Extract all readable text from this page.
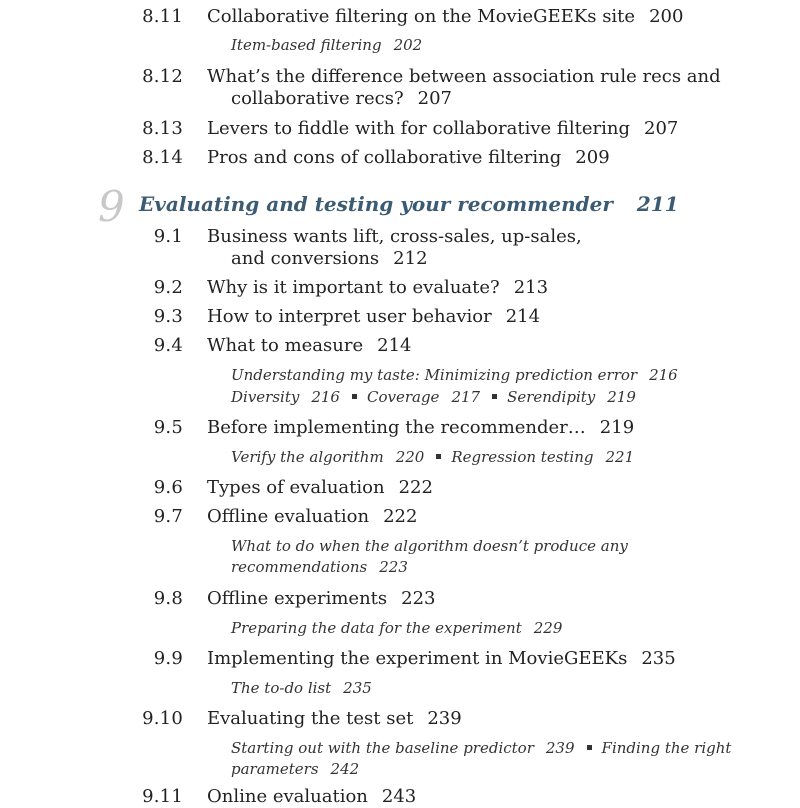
8.11 Collaborative filtering on the MovieGEEKs site 200
Item-based filtering 202
8.12 What’s the difference between association rule recs and
collaborative recs? 207
8.13 Levers to fiddle with for collaborative filtering 207
8.14 Pros and cons of collaborative filtering 209
9 Evaluating and testing your recommender 211
9.1 Business wants lift, cross-sales, up-sales,
and conversions 212
9.2 Why is it important to evaluate? 213
9.3 How to interpret user behavior 214
9.4 What to measure 214
Understanding my taste: Minimizing prediction error 216
Diversity 216 Coverage 217 Serendipity 219
9.5 Before implementing the recommender… 219
Verify the algorithm 220 Regression testing 221
9.6 Types of evaluation 222
9.7 Offline evaluation 222
What to do when the algorithm doesn’t produce any
recommendations 223
9.8 Offline experiments 223
Preparing the data for the experiment 229
9.9 Implementing the experiment in MovieGEEKs 235
The to-do list 235
9.10 Evaluating the test set 239
Starting out with the baseline predictor 239 Finding the right
parameters 242
9.11 Online evaluation 243
